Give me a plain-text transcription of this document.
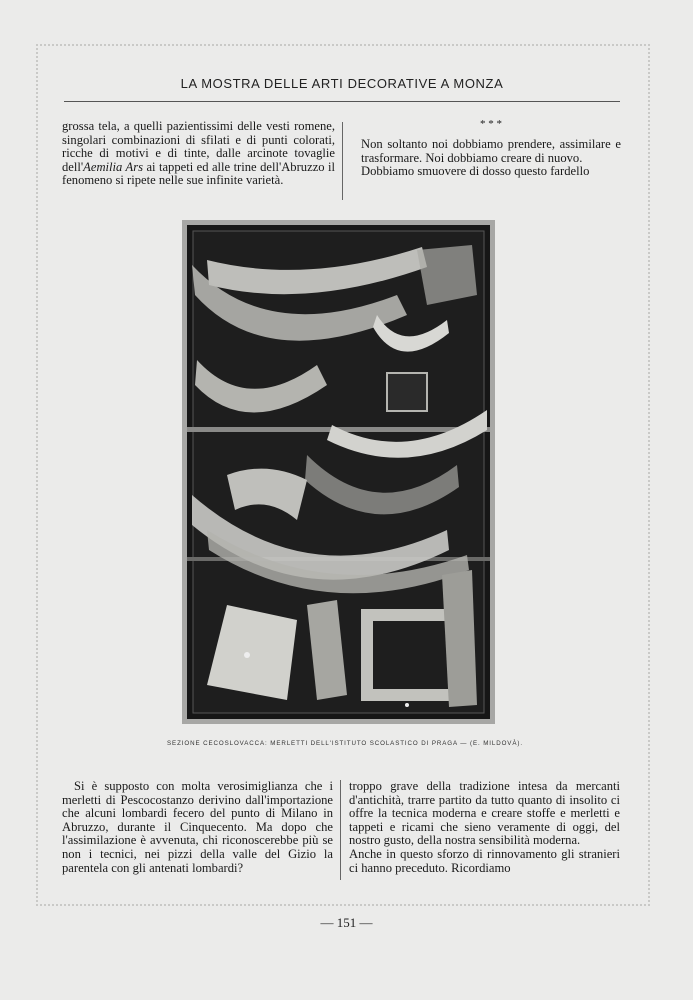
LA MOSTRA DELLE ARTI DECORATIVE A MONZA

grossa tela, a quelli pazientissimi delle vesti romene, singolari combinazioni di sfilati e di punti colorati, ricche di motivi e di tinte, dalle arcinote tovaglie dell'Aemilia Ars ai tappeti ed alle trine dell'Abruzzo il fenomeno si ripete nelle sue infinite varietà.

* * *

Non soltanto noi dobbiamo prendere, assimilare e trasformare. Noi dobbiamo creare di nuovo.

Dobbiamo smuovere di dosso questo fardello

SEZIONE CECOSLOVACCA: MERLETTI DELL'ISTITUTO SCOLASTICO DI PRAGA — (E. MILDOVÀ).

Si è supposto con molta verosimiglianza che i merletti di Pescocostanzo derivino dall'importazione che alcuni lombardi fecero del punto di Milano in Abruzzo, durante il Cinquecento. Ma dopo che l'assimilazione è avvenuta, chi riconoscerebbe più se non i tecnici, nei pizzi della valle del Gizio la parentela con gli antenati lombardi?

troppo grave della tradizione intesa da mercanti d'antichità, trarre partito da tutto quanto di insolito ci offre la tecnica moderna e creare stoffe e merletti e tappeti e ricami che sieno veramente di oggi, del nostro gusto, della nostra sensibilità moderna.

Anche in questo sforzo di rinnovamento gli stranieri ci hanno preceduto. Ricordiamo

— 151 —
